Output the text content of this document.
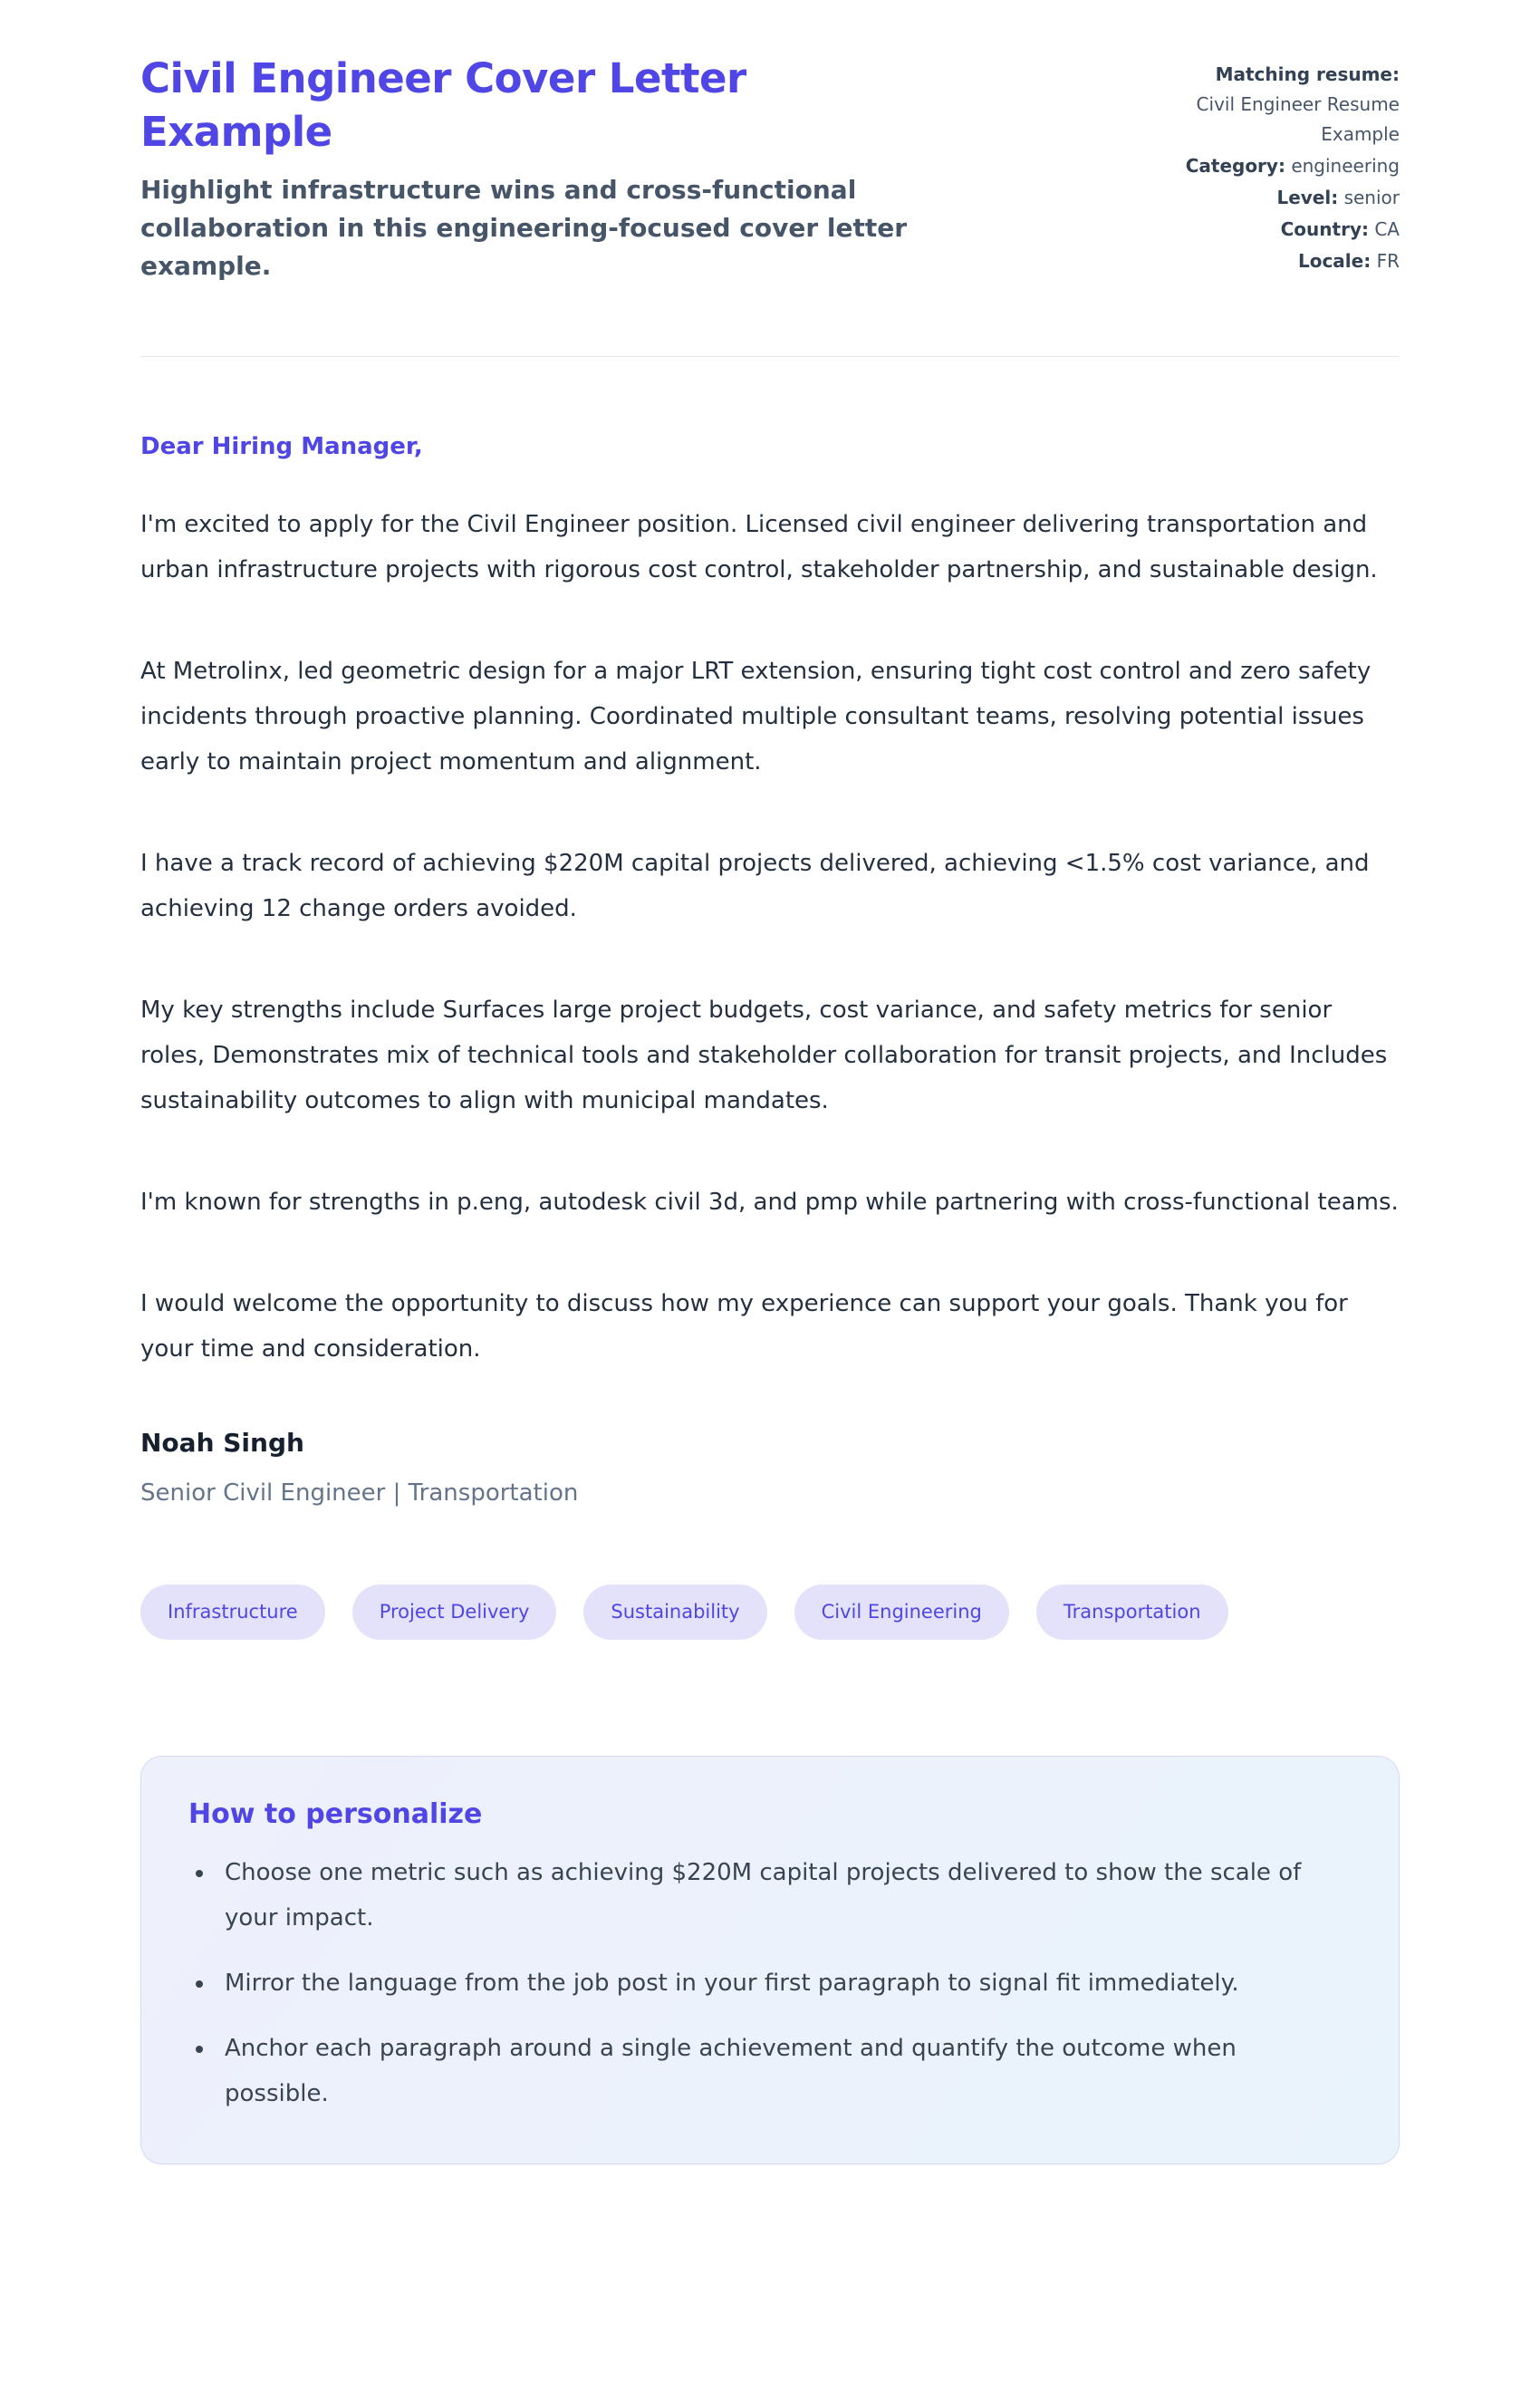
Civil Engineer Cover Letter Example

Highlight infrastructure wins and cross-functional collaboration in this engineering-focused cover letter example.

Matching resume:
Civil Engineer Resume Example
Category: engineering
Level: senior
Country: CA
Locale: FR

Dear Hiring Manager,

I'm excited to apply for the Civil Engineer position. Licensed civil engineer delivering transportation and urban infrastructure projects with rigorous cost control, stakeholder partnership, and sustainable design.

At Metrolinx, led geometric design for a major LRT extension, ensuring tight cost control and zero safety incidents through proactive planning. Coordinated multiple consultant teams, resolving potential issues early to maintain project momentum and alignment.

I have a track record of achieving $220M capital projects delivered, achieving <1.5% cost variance, and achieving 12 change orders avoided.

My key strengths include Surfaces large project budgets, cost variance, and safety metrics for senior roles, Demonstrates mix of technical tools and stakeholder collaboration for transit projects, and Includes sustainability outcomes to align with municipal mandates.

I'm known for strengths in p.eng, autodesk civil 3d, and pmp while partnering with cross-functional teams.

I would welcome the opportunity to discuss how my experience can support your goals. Thank you for your time and consideration.

Noah Singh

Senior Civil Engineer | Transportation

Infrastructure	Project Delivery	Sustainability	Civil Engineering	Transportation
How to personalize
• Choose one metric such as achieving $220M capital projects delivered to show the scale of your impact.
• Mirror the language from the job post in your first paragraph to signal fit immediately.
• Anchor each paragraph around a single achievement and quantify the outcome when possible.
